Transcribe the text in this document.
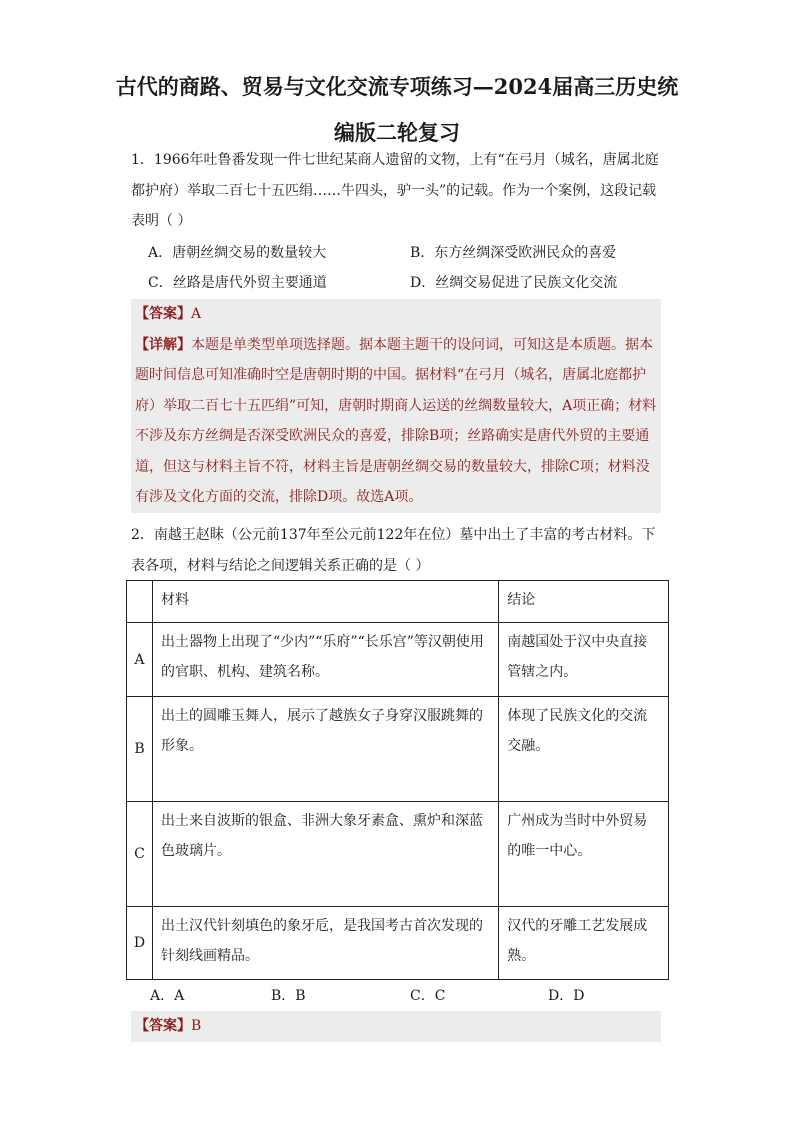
古代的商路、贸易与文化交流专项练习—2024届高三历史统
编版二轮复习
1．1966年吐鲁番发现一件七世纪某商人遗留的文物，上有“在弓月（城名，唐属北庭都护府）举取二百七十五匹绢……牛四头，驴一头”的记载。作为一个案例，这段记载表明（ ）
A．唐朝丝绸交易的数量较大	B．东方丝绸深受欧洲民众的喜爱
C．丝路是唐代外贸主要通道	D．丝绸交易促进了民族文化交流
【答案】A
【详解】本题是单类型单项选择题。据本题主题干的设问词，可知这是本质题。据本题时间信息可知准确时空是唐朝时期的中国。据材料“在弓月（城名，唐属北庭都护府）举取二百七十五匹绢”可知，唐朝时期商人运送的丝绸数量较大，A项正确；材料不涉及东方丝绸是否深受欧洲民众的喜爱，排除B项；丝路确实是唐代外贸的主要通道，但这与材料主旨不符，材料主旨是唐朝丝绸交易的数量较大，排除C项；材料没有涉及文化方面的交流，排除D项。故选A项。
2．南越王赵眜（公元前137年至公元前122年在位）墓中出土了丰富的考古材料。下表各项，材料与结论之间逻辑关系正确的是（ ）
	材料	结论
A	出土器物上出现了“少内”“乐府”“长乐宫”等汉朝使用的官职、机构、建筑名称。	南越国处于汉中央直接管辖之内。
B	出土的圆雕玉舞人，展示了越族女子身穿汉服跳舞的形象。	体现了民族文化的交流交融。
C	出土来自波斯的银盒、非洲大象牙素盒、熏炉和深蓝色玻璃片。	广州成为当时中外贸易的唯一中心。
D	出土汉代针刻填色的象牙卮，是我国考古首次发现的针刻线画精品。	汉代的牙雕工艺发展成熟。
A．A	B．B	C．C	D．D
【答案】B
